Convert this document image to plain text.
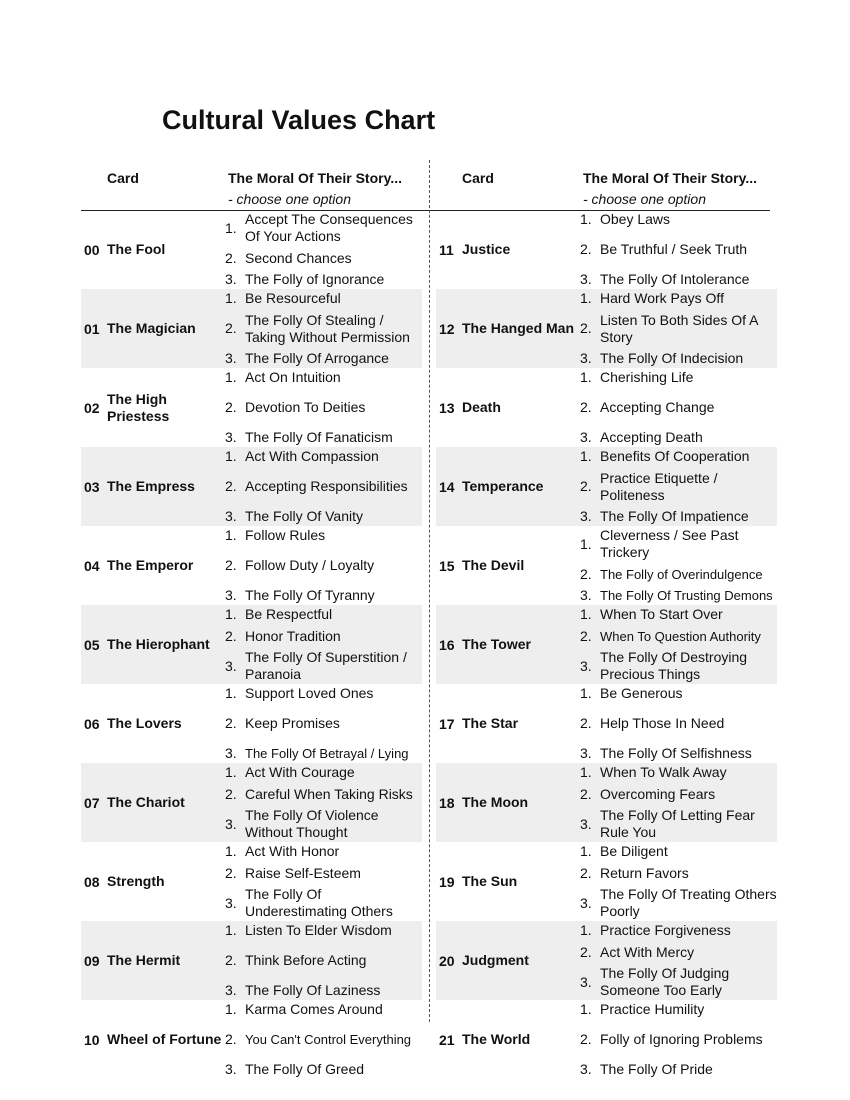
Cultural Values Chart
Card	The Moral Of Their Story...
- choose one option
Card	The Moral Of Their Story...
- choose one option
00 The Fool
1.
Accept The Consequences Of Your Actions
2. Second Chances
3. The Folly of Ignorance
01 The Magician
1. Be Resourceful
2.
The Folly Of Stealing / Taking Without Permission
3. The Folly Of Arrogance
02
The High Priestess
1. Act On Intuition
2. Devotion To Deities
3. The Folly Of Fanaticism
03 The Empress
1. Act With Compassion
2. Accepting Responsibilities
3. The Folly Of Vanity
04 The Emperor
1. Follow Rules
2. Follow Duty / Loyalty
3. The Folly Of Tyranny
05 The Hierophant
1. Be Respectful
2. Honor Tradition
3.
The Folly Of Superstition / Paranoia
06 The Lovers
1. Support Loved Ones
2. Keep Promises
3. The Folly Of Betrayal / Lying
07 The Chariot
1. Act With Courage
2. Careful When Taking Risks
3.
The Folly Of Violence Without Thought
08 Strength
1. Act With Honor
2. Raise Self-Esteem
3.
The Folly Of Underestimating Others
09 The Hermit
1. Listen To Elder Wisdom
2. Think Before Acting
3. The Folly Of Laziness
10 Wheel of Fortune
1. Karma Comes Around
2. You Can't Control Everything
3. The Folly Of Greed
11 Justice
1. Obey Laws
2. Be Truthful / Seek Truth
3. The Folly Of Intolerance
12 The Hanged Man
1. Hard Work Pays Off
2.
Listen To Both Sides Of A Story
3. The Folly Of Indecision
13 Death
1. Cherishing Life
2. Accepting Change
3. Accepting Death
14 Temperance
1. Benefits Of Cooperation
2.
Practice Etiquette / Politeness
3. The Folly Of Impatience
15 The Devil
1.
Cleverness / See Past Trickery
2. The Folly of Overindulgence
3. The Folly Of Trusting Demons
16 The Tower
1. When To Start Over
2. When To Question Authority
3.
The Folly Of Destroying Precious Things
17 The Star
1. Be Generous
2. Help Those In Need
3. The Folly Of Selfishness
18 The Moon
1. When To Walk Away
2. Overcoming Fears
3.
The Folly Of Letting Fear Rule You
19 The Sun
1. Be Diligent
2. Return Favors
3.
The Folly Of Treating Others Poorly
20 Judgment
1. Practice Forgiveness
2. Act With Mercy
3.
The Folly Of Judging Someone Too Early
21 The World
1. Practice Humility
2. Folly of Ignoring Problems
3. The Folly Of Pride
